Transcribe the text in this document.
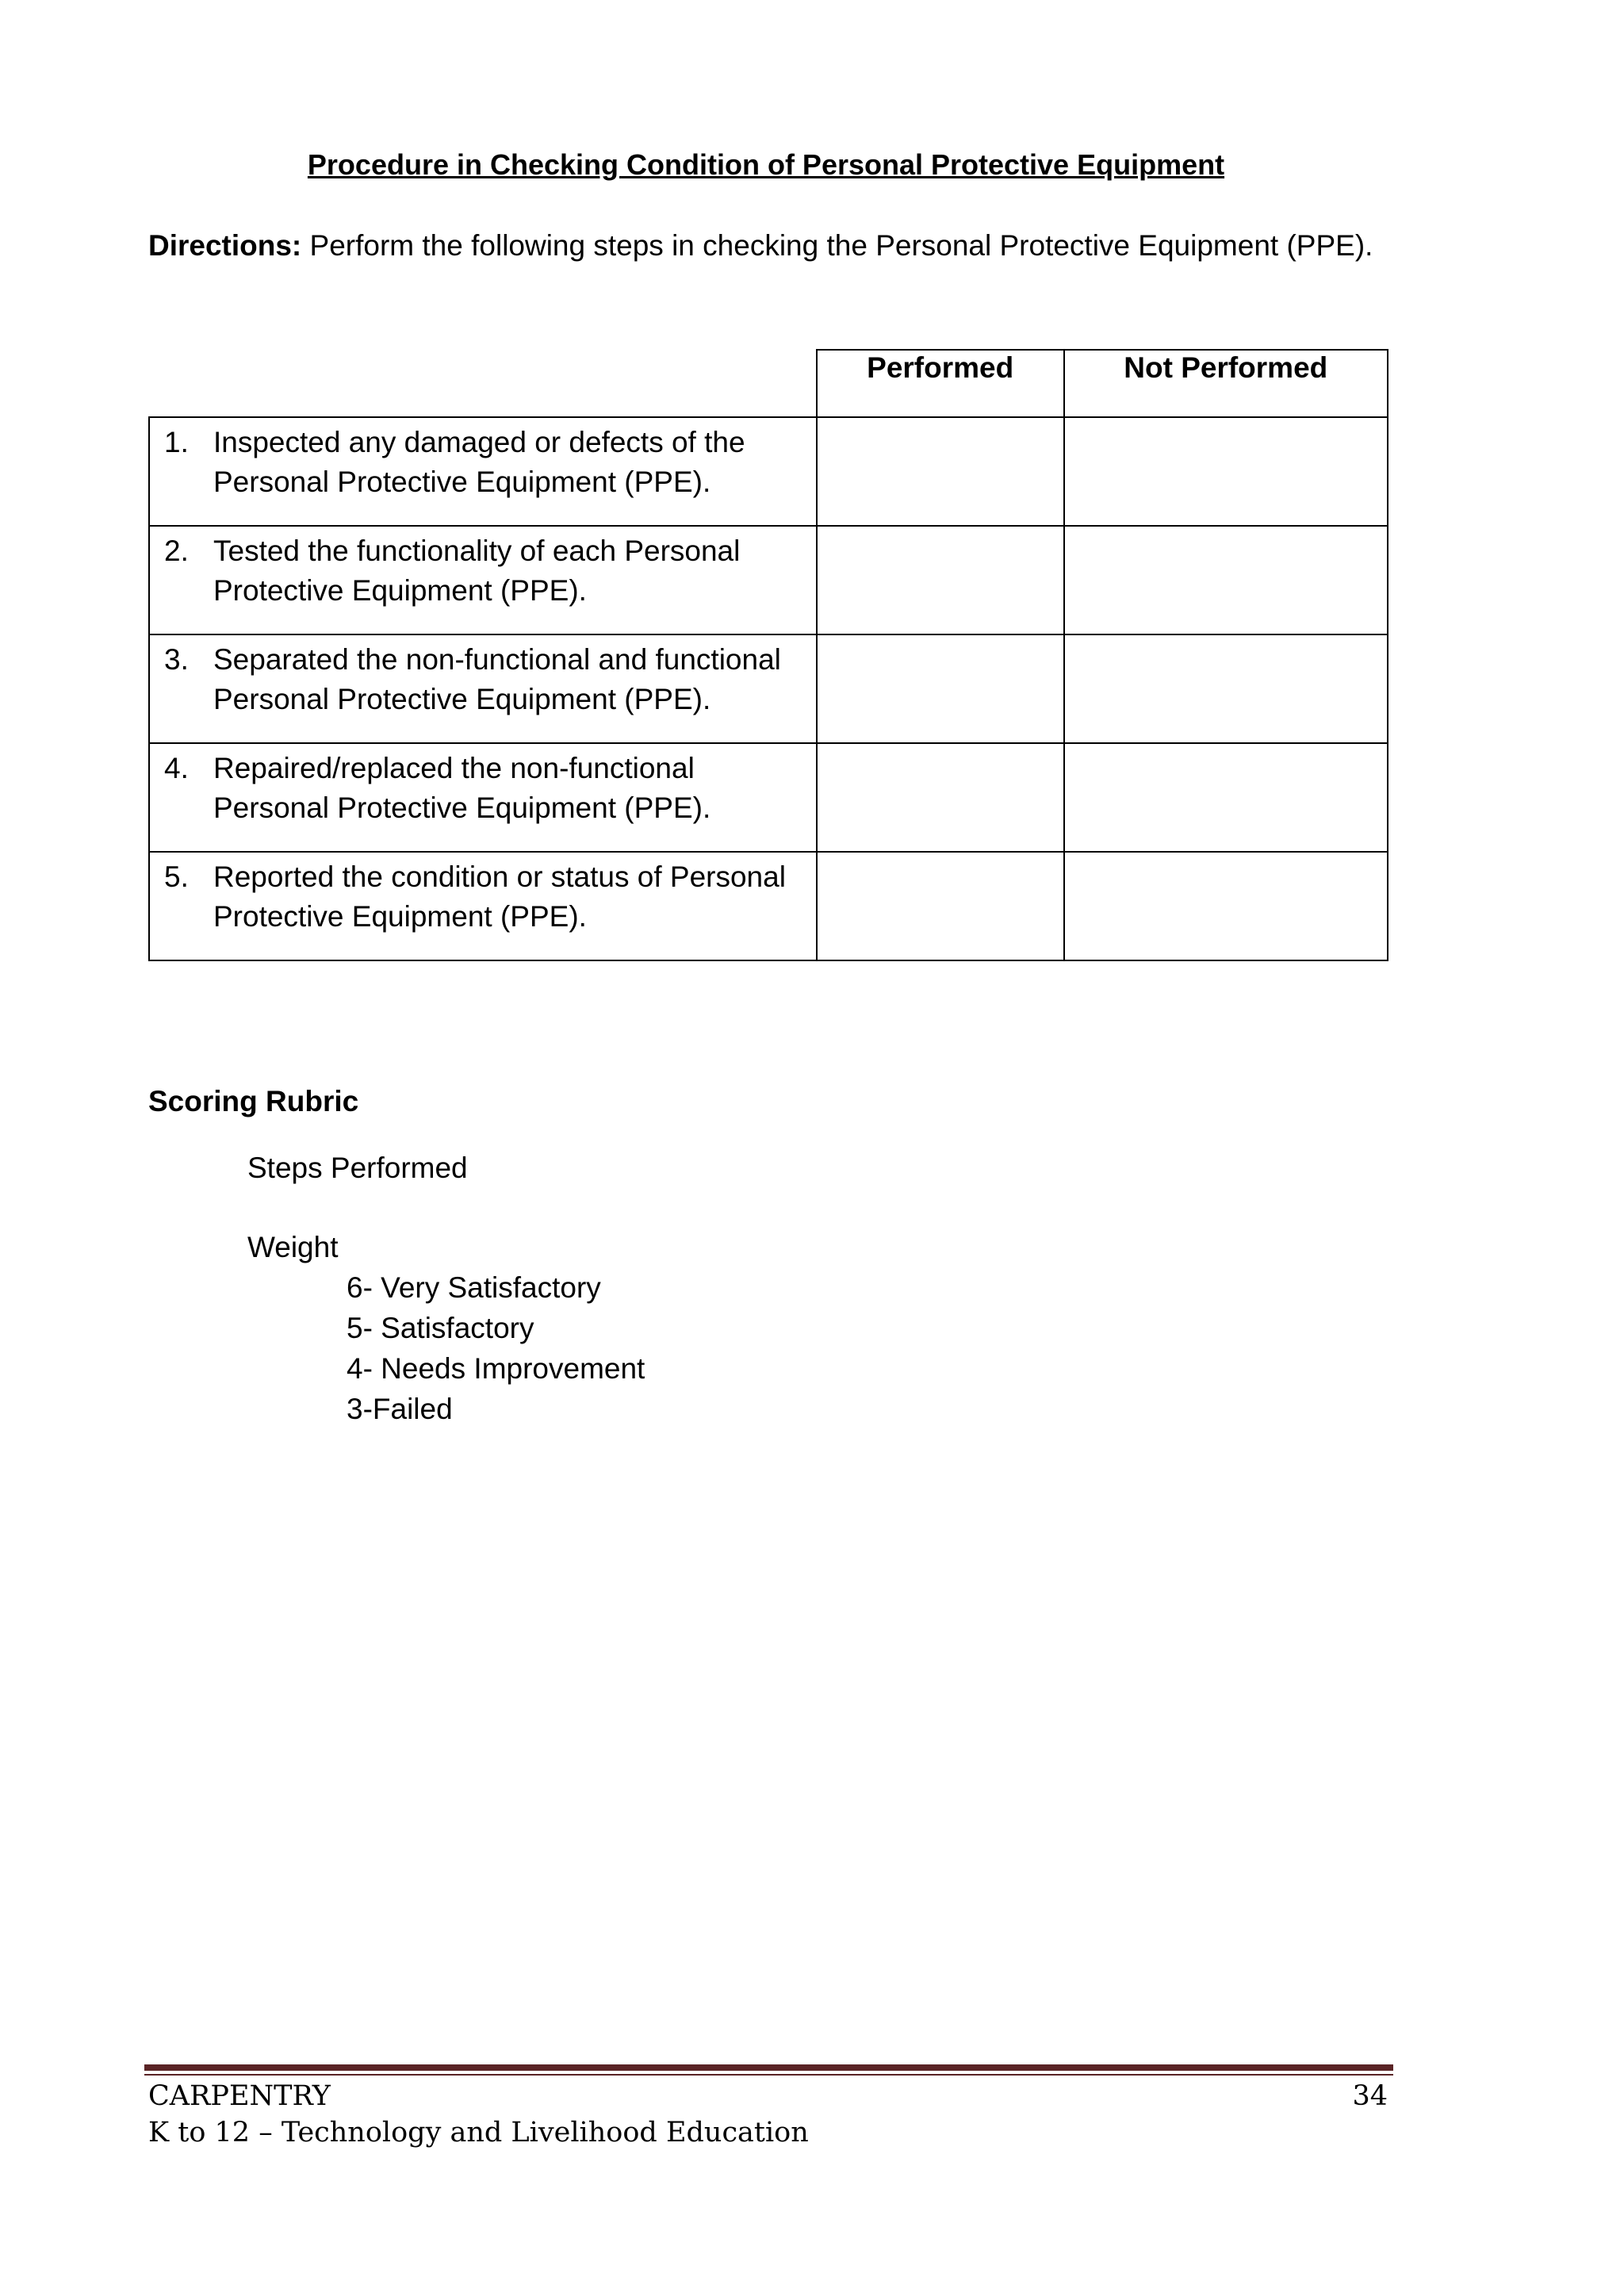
Procedure in Checking Condition of Personal Protective Equipment
Directions: Perform the following steps in checking the Personal Protective Equipment (PPE).
	Performed	Not Performed

1. Inspected any damaged or defects of the Personal Protective Equipment (PPE).		

2. Tested the functionality of each Personal Protective Equipment (PPE).		

3. Separated the non-functional and functional Personal Protective Equipment (PPE).		

4. Repaired/replaced the non-functional Personal Protective Equipment (PPE).		

5. Reported the condition or status of Personal Protective Equipment (PPE).		

Scoring Rubric
Steps Performed
Weight
6- Very Satisfactory
5- Satisfactory
4- Needs Improvement
3-Failed
CARPENTRY
K to 12 – Technology and Livelihood Education
34
